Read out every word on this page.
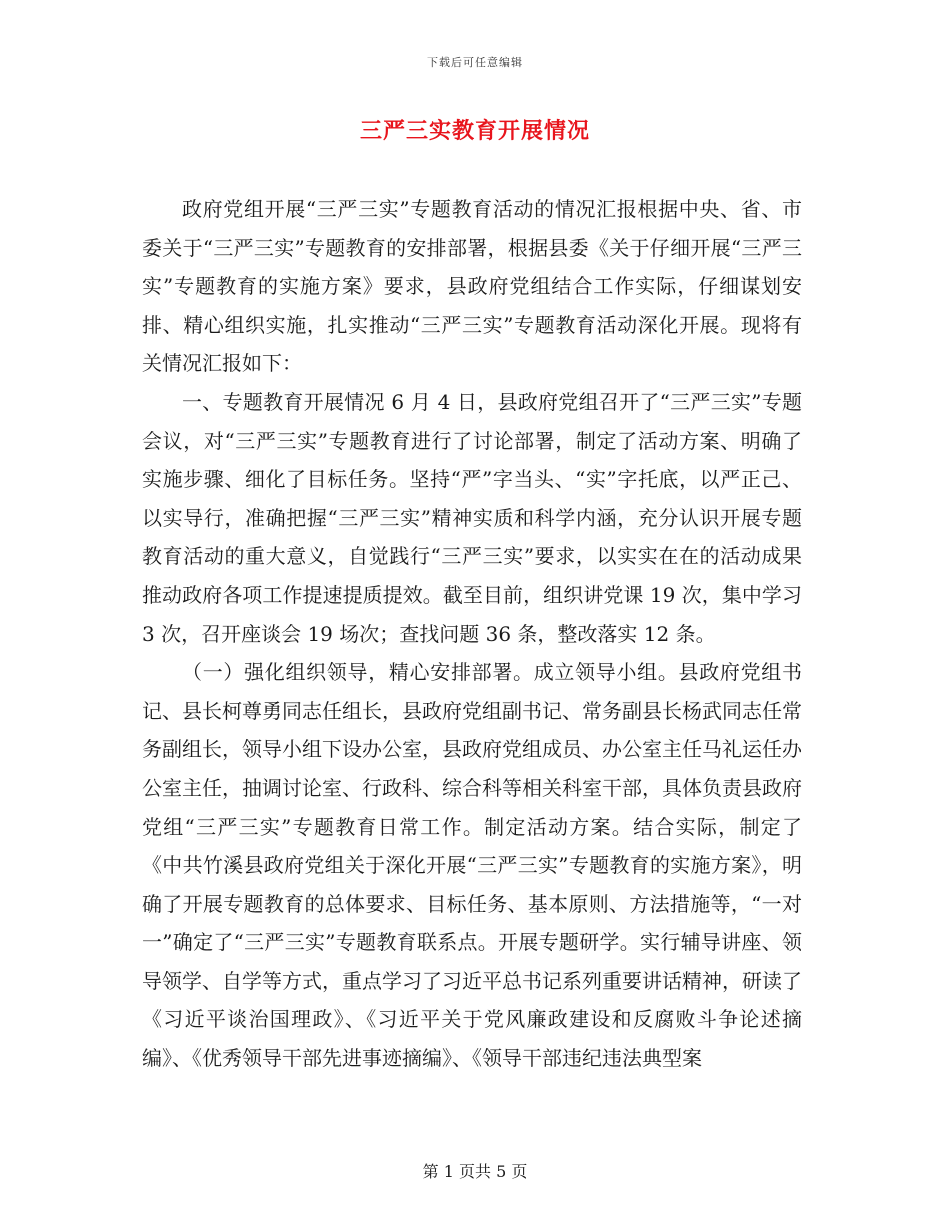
下载后可任意编辑
三严三实教育开展情况

政府党组开展“三严三实”专题教育活动的情况汇报根据中央、省、市委关于“三严三实”专题教育的安排部署，根据县委《关于仔细开展“三严三实”专题教育的实施方案》要求，县政府党组结合工作实际，仔细谋划安排、精心组织实施，扎实推动“三严三实”专题教育活动深化开展。现将有关情况汇报如下：

一、专题教育开展情况 6 月 4 日，县政府党组召开了“三严三实”专题会议，对“三严三实”专题教育进行了讨论部署，制定了活动方案、明确了实施步骤、细化了目标任务。坚持“严”字当头、“实”字托底，以严正己、以实导行，准确把握“三严三实”精神实质和科学内涵，充分认识开展专题教育活动的重大意义，自觉践行“三严三实”要求，以实实在在的活动成果推动政府各项工作提速提质提效。截至目前，组织讲党课 19 次，集中学习 3 次，召开座谈会 19 场次；查找问题 36 条，整改落实 12 条。

（一）强化组织领导，精心安排部署。成立领导小组。县政府党组书记、县长柯尊勇同志任组长，县政府党组副书记、常务副县长杨武同志任常务副组长，领导小组下设办公室，县政府党组成员、办公室主任马礼运任办公室主任，抽调讨论室、行政科、综合科等相关科室干部，具体负责县政府党组“三严三实”专题教育日常工作。制定活动方案。结合实际，制定了《中共竹溪县政府党组关于深化开展“三严三实”专题教育的实施方案》，明确了开展专题教育的总体要求、目标任务、基本原则、方法措施等，“一对一”确定了“三严三实”专题教育联系点。开展专题研学。实行辅导讲座、领导领学、自学等方式，重点学习了习近平总书记系列重要讲话精神，研读了《习近平谈治国理政》、《习近平关于党风廉政建设和反腐败斗争论述摘编》、《优秀领导干部先进事迹摘编》、《领导干部违纪违法典型案

第 1 页共 5 页
